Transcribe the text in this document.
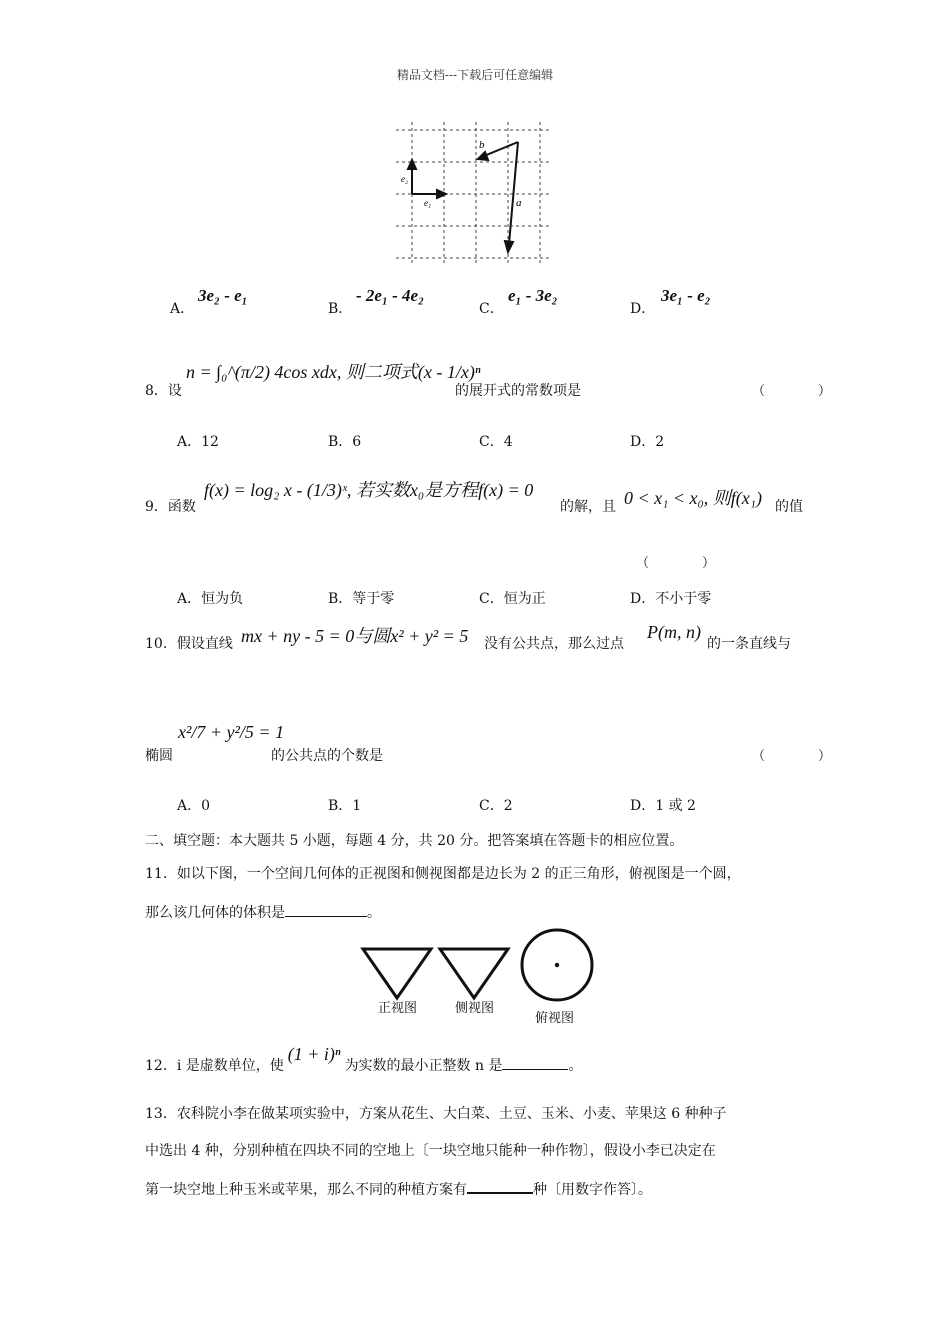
精品文档---下载后可任意编辑
b
a
e₁
e₂
A．
3e₂ - e₁
B．
- 2e₁ - 4e₂
C．
e₁ - 3e₂
D．
3e₁ - e₂
8．设
n = ∫₀^(π/2) 4cos xdx, 则二项式(x - 1/x)ⁿ
的展开式的常数项是	（　）
A．12	B．6	C．4	D．2
9．函数
f(x) = log₂ x - (1/3)ˣ, 若实数x₀是方程f(x) = 0
的解，且 0 < x₁ < x₀, 则f(x₁) 的值
（　）
A．恒为负	B．等于零	C．恒为正	D．不小于零
10．假设直线 mx + ny - 5 = 0与圆x² + y² = 5 没有公共点，那么过点
P(m, n)
的一条直线与
椭圆
x²/7 + y²/5 = 1
的公共点的个数是	（　）
A．0	B．1	C．2	D．1 或 2
二、填空题：本大题共 5 小题，每题 4 分，共 20 分。把答案填在答题卡的相应位置。
11．如以下图，一个空间几何体的正视图和侧视图都是边长为 2 的正三角形，俯视图是一个圆，
那么该几何体的体积是	。
正视图	侧视图
俯视图
12．i 是虚数单位，使(1 + i)ⁿ为实数的最小正整数 n 是	。
13．农科院小李在做某项实验中，方案从花生、大白菜、土豆、玉米、小麦、苹果这 6 种种子
中选出 4 种，分别种植在四块不同的空地上〔一块空地只能种一种作物〕，假设小李已决定在
第一块空地上种玉米或苹果，那么不同的种植方案有	种〔用数字作答〕。
